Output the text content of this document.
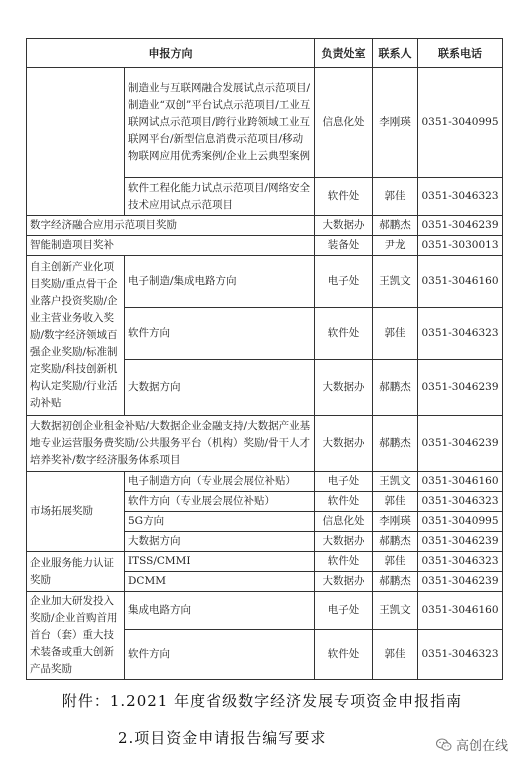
申报方向		负责处室	联系人	联系电话
	制造业与互联网融合发展试点示范项目/制造业“双创”平台试点示范项目/工业互联网试点示范项目/跨行业跨领域工业互联网平台/新型信息消费示范项目/移动物联网应用优秀案例/企业上云典型案例	信息化处	李刚瑛	0351-3040995
	软件工程化能力试点示范项目/网络安全技术应用试点示范项目	软件处	郭佳	0351-3046323
数字经济融合应用示范项目奖励		大数据办	郝鹏杰	0351-3046239
智能制造项目奖补		装备处	尹龙	0351-3030013
自主创新产业化项目奖励/重点骨干企业落户投资奖励/企业主营业务收入奖励/数字经济领域百强企业奖励/标准制定奖励/科技创新机构认定奖励/行业活动补贴	电子制造/集成电路方向	电子处	王凯文	0351-3046160
	软件方向	软件处	郭佳	0351-3046323
	大数据方向	大数据办	郝鹏杰	0351-3046239
大数据初创企业租金补贴/大数据企业金融支持/大数据产业基地专业运营服务费奖励/公共服务平台（机构）奖励/骨干人才培养奖补/数字经济服务体系项目		大数据办	郝鹏杰	0351-3046239
市场拓展奖励	电子制造方向（专业展会展位补贴）	电子处	王凯文	0351-3046160
	软件方向（专业展会展位补贴）	软件处	郭佳	0351-3046323
	5G方向	信息化处	李刚瑛	0351-3040995
	大数据方向	大数据办	郝鹏杰	0351-3046239
企业服务能力认证奖励	ITSS/CMMI	软件处	郭佳	0351-3046323
	DCMM	大数据办	郝鹏杰	0351-3046239
企业加大研发投入奖励/企业首购首用首台（套）重大技术装备或重大创新产品奖励	集成电路方向	电子处	王凯文	0351-3046160
	软件方向	软件处	郭佳	0351-3046323
附件：1.2021 年度省级数字经济发展专项资金申报指南
2.项目资金申请报告编写要求	高创在线
